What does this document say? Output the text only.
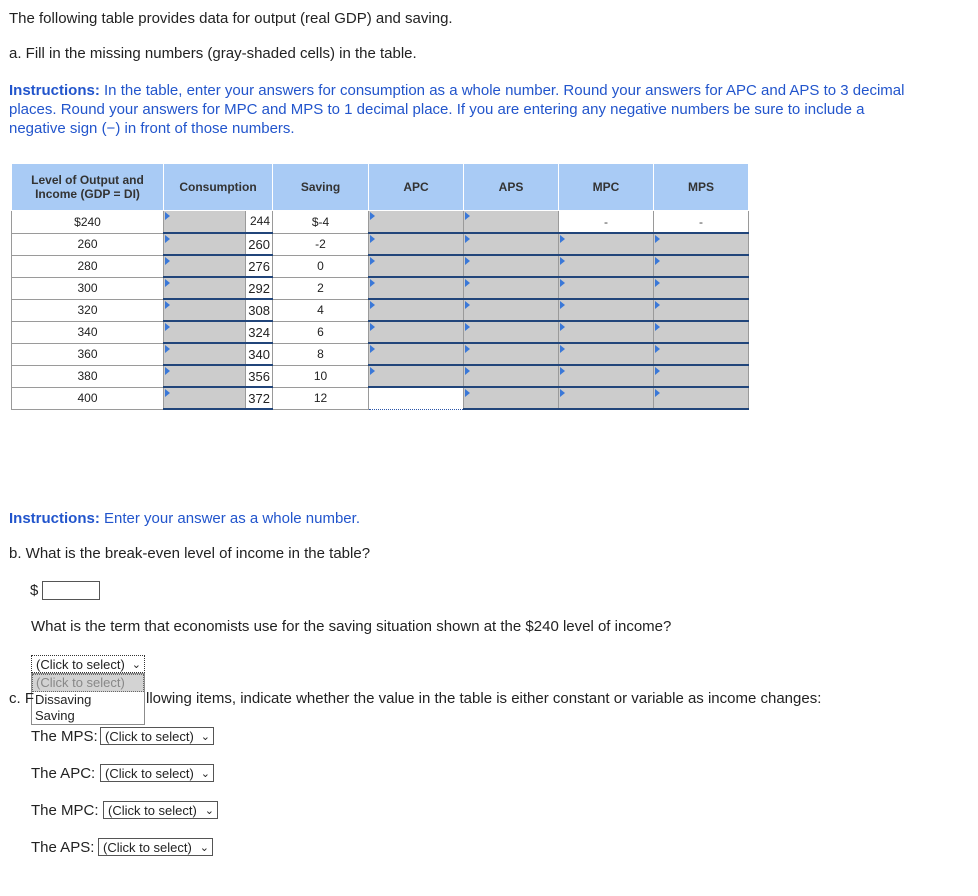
The following table provides data for output (real GDP) and saving.
a. Fill in the missing numbers (gray-shaded cells) in the table.
Instructions: In the table, enter your answers for consumption as a whole number. Round your answers for APC and APS to 3 decimal
places. Round your answers for MPC and MPS to 1 decimal place. If you are entering any negative numbers be sure to include a
negative sign (−) in front of those numbers.
Level of Output and
Income (GDP = DI)	Consumption	Saving	APC	APS	MPC	MPS
$240	244	$-4			-	-
260	260	-2	

280	276	0	

300	292	2	

320	308	4	

340	324	6	

360	340	8	

380	356	10	

400	372	12		

Instructions: Enter your answer as a whole number.
b. What is the break-even level of income in the table?
$
What is the term that economists use for the saving situation shown at the $240 level of income?
(Click to select) ⌄
(Click to select)
Dissaving
Saving
c. F	llowing items, indicate whether the value in the table is either constant or variable as income changes:
The MPS: (Click to select) ⌄
The APC: (Click to select) ⌄
The MPC: (Click to select) ⌄
The APS: (Click to select) ⌄
